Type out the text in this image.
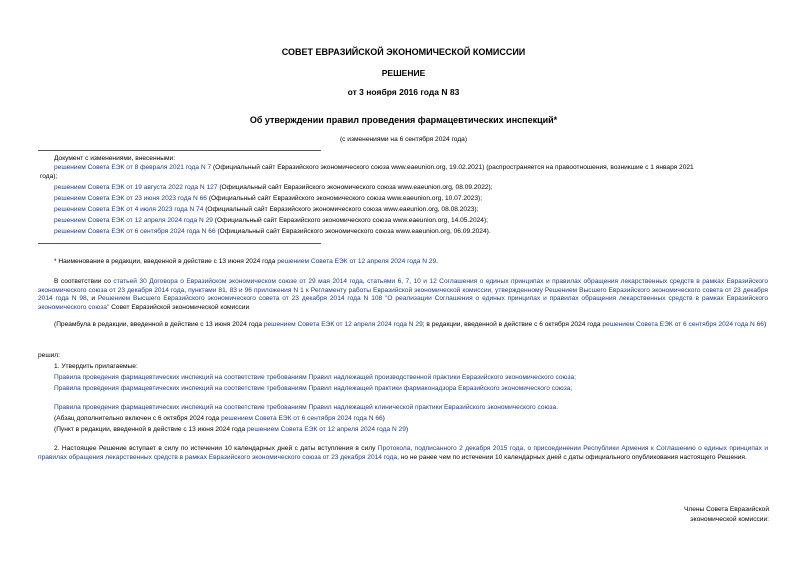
СОВЕТ ЕВРАЗИЙСКОЙ ЭКОНОМИЧЕСКОЙ КОМИССИИ
РЕШЕНИЕ
от 3 ноября 2016 года N 83
Об утверждении правил проведения фармацевтических инспекций*
(с изменениями на 6 сентября 2024 года)
Документ с изменениями, внесенными:
решением Совета ЕЭК от 8 февраля 2021 года N 7 (Официальный сайт Евразийского экономического союза www.eaeunion.org, 19.02.2021) (распространяется на правоотношения, возникшие с 1 января 2021
года);
решением Совета ЕЭК от 19 августа 2022 года N 127 (Официальный сайт Евразийского экономического союза www.eaeunion.org, 08.09.2022);
решением Совета ЕЭК от 23 июня 2023 года N 66 (Официальный сайт Евразийского экономического союза www.eaeunion.org, 10.07.2023);
решением Совета ЕЭК от 4 июля 2023 года N 74 (Официальный сайт Евразийского экономического союза www.eaeunion.org, 08.08.2023);
решением Совета ЕЭК от 12 апреля 2024 года N 29 (Официальный сайт Евразийского экономического союза www.eaeunion.org, 14.05.2024);
решением Совета ЕЭК от 6 сентября 2024 года N 66 (Официальный сайт Евразийского экономического союза www.eaeunion.org, 06.09.2024).
* Наименование в редакции, введенной в действие с 13 июня 2024 года решением Совета ЕЭК от 12 апреля 2024 года N 29.
В соответствии со статьей 30 Договора о Евразийском экономическом союзе от 29 мая 2014 года, статьями 6, 7, 10 и 12 Соглашения о единых принципах и правилах обращения лекарственных средств в рамках Евразийского экономического союза от 23 декабря 2014 года, пунктами 81, 83 и 96 приложения N 1 к Регламенту работы Евразийской экономической комиссии, утвержденному Решением Высшего Евразийского экономического совета от 23 декабря 2014 года N 98, и Решением Высшего Евразийского экономического совета от 23 декабря 2014 года N 108 "О реализации Соглашения о единых принципах и правилах обращения лекарственных средств в рамках Евразийского экономического союза" Совет Евразийской экономической комиссии
(Преамбула в редакции, введенной в действие с 13 июня 2024 года решением Совета ЕЭК от 12 апреля 2024 года N 29; в редакции, введенной в действие с 6 октября 2024 года решением Совета ЕЭК от 6 сентября 2024 года N 66)
решил:
1. Утвердить прилагаемые:
Правила проведения фармацевтических инспекций на соответствие требованиям Правил надлежащей производственной практики Евразийского экономического союза;
Правила проведения фармацевтических инспекций на соответствие требованиям Правил надлежащей практики фармаконадзора Евразийского экономического союза;
Правила проведения фармацевтических инспекций на соответствие требованиям Правил надлежащей клинической практики Евразийского экономического союза.
(Абзац дополнительно включен с 6 октября 2024 года решением Совета ЕЭК от 6 сентября 2024 года N 66)
(Пункт в редакции, введенной в действие с 13 июня 2024 года решением Совета ЕЭК от 12 апреля 2024 года N 29)
2. Настоящее Решение вступает в силу по истечении 10 календарных дней с даты вступления в силу Протокола, подписанного 2 декабря 2015 года, о присоединении Республики Армения к Соглашению о единых принципах и правилах обращения лекарственных средств в рамках Евразийского экономического союза от 23 декабря 2014 года, но не ранее чем по истечении 10 календарных дней с даты официального опубликования настоящего Решения.
Члены Совета Евразийской
экономической комиссии:
